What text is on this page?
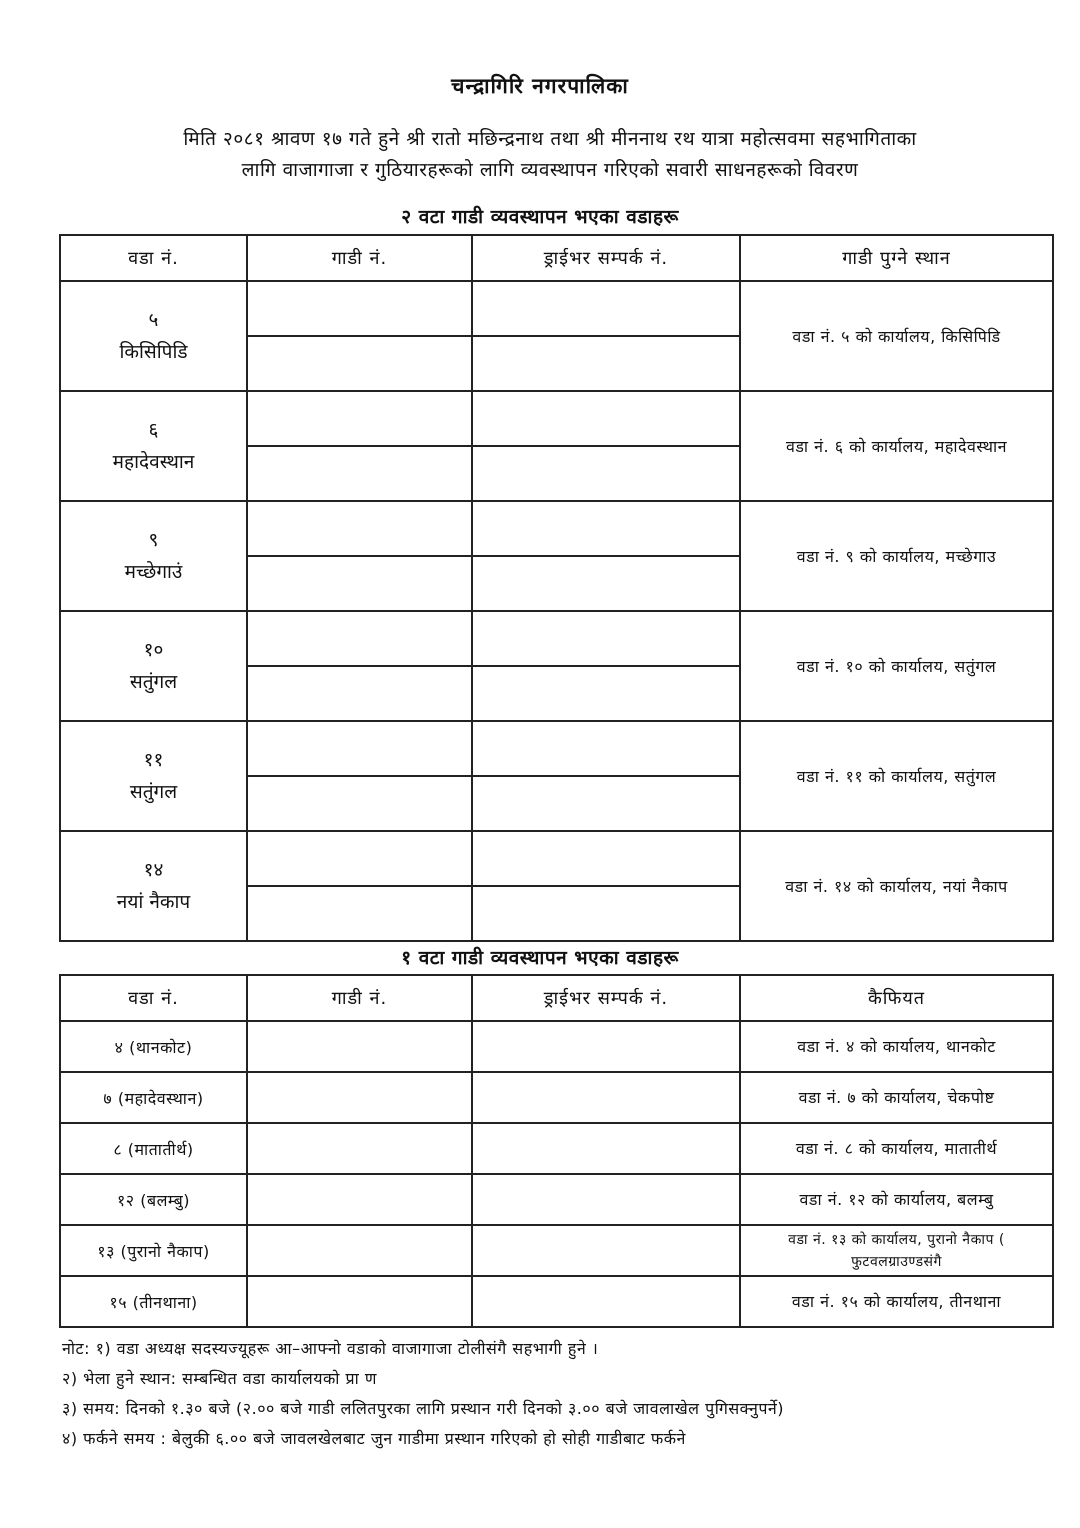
चन्द्रागिरि नगरपालिका
मिति २०८१ श्रावण १७ गते हुने श्री रातो मछिन्द्रनाथ तथा श्री मीननाथ रथ यात्रा महोत्सवमा सहभागिताका
लागि वाजागाजा र गुठियारहरूको लागि व्यवस्थापन गरिएको सवारी साधनहरूको विवरण
२ वटा गाडी व्यवस्थापन भएका वडाहरू
वडा नं.	गाडी नं.	ड्राईभर सम्पर्क नं.	गाडी पुग्ने स्थान

५
किसिपिडि			वडा नं. ५ को कार्यालय, किसिपिडि

६
महादेवस्थान			वडा नं. ६ को कार्यालय, महादेवस्थान

९
मच्छेगाउं			वडा नं. ९ को कार्यालय, मच्छेगाउ

१०
सतुंगल			वडा नं. १० को कार्यालय, सतुंगल

११
सतुंगल			वडा नं. ११ को कार्यालय, सतुंगल

१४
नयां नैकाप			वडा नं. १४ को कार्यालय, नयां नैकाप

१ वटा गाडी व्यवस्थापन भएका वडाहरू
वडा नं.	गाडी नं.	ड्राईभर सम्पर्क नं.	कैफियत
४ (थानकोट)			वडा नं. ४ को कार्यालय, थानकोट
७ (महादेवस्थान)			वडा नं. ७ को कार्यालय, चेकपोष्ट
८ (मातातीर्थ)			वडा नं. ८ को कार्यालय, मातातीर्थ
१२ (बलम्बु)			वडा नं. १२ को कार्यालय, बलम्बु
१३ (पुरानो नैकाप)			वडा नं. १३ को कार्यालय, पुरानो नैकाप ( फुटवलग्राउण्डसंगै
१५ (तीनथाना)			वडा नं. १५ को कार्यालय, तीनथाना
नोट: १) वडा अध्यक्ष सदस्यज्यूहरू आ–आफ्नो वडाको वाजागाजा टोलीसंगै सहभागी हुने ।
२) भेला हुने स्थान: सम्बन्धित वडा कार्यालयको प्रा ण
३) समय: दिनको १.३० बजे (२.०० बजे गाडी ललितपुरका लागि प्रस्थान गरी दिनको ३.०० बजे जावलाखेल पुगिसक्नुपर्ने)
४) फर्कने समय : बेलुकी ६.०० बजे जावलखेलबाट जुन गाडीमा प्रस्थान गरिएको हो सोही गाडीबाट फर्कने
